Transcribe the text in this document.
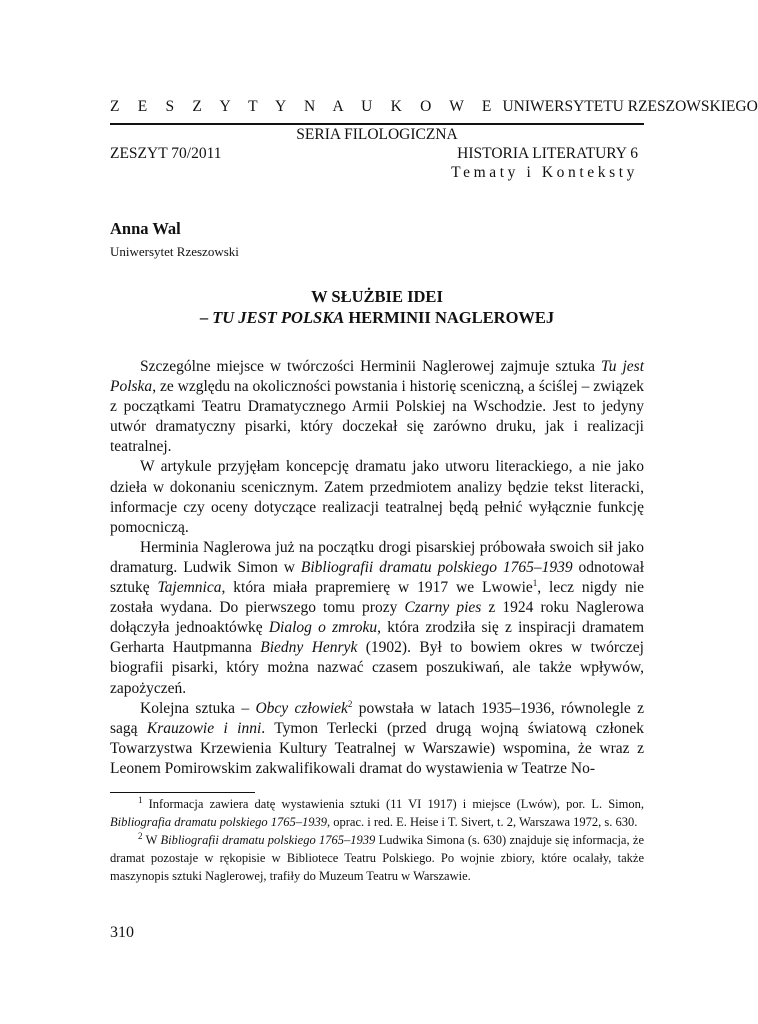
Z E S Z Y T Y N A U K O W E UNIWERSYTETU RZESZOWSKIEGO
SERIA FILOLOGICZNA
ZESZYT 70/2011	HISTORIA LITERATURY 6
Tematy i Konteksty
Anna Wal
Uniwersytet Rzeszowski
W SŁUŻBIE IDEI
– TU JEST POLSKA HERMINII NAGLEROWEJ

Szczególne miejsce w twórczości Herminii Naglerowej zajmuje sztuka Tu jest Polska, ze względu na okoliczności powstania i historię sceniczną, a ściślej – związek z początkami Teatru Dramatycznego Armii Polskiej na Wschodzie. Jest to jedyny utwór dramatyczny pisarki, który doczekał się zarówno druku, jak i realizacji teatralnej.

W artykule przyjęłam koncepcję dramatu jako utworu literackiego, a nie jako dzieła w dokonaniu scenicznym. Zatem przedmiotem analizy będzie tekst literacki, informacje czy oceny dotyczące realizacji teatralnej będą pełnić wyłącznie funkcję pomocniczą.

Herminia Naglerowa już na początku drogi pisarskiej próbowała swoich sił jako dramaturg. Ludwik Simon w Bibliografii dramatu polskiego 1765–1939 odnotował sztukę Tajemnica, która miała prapremierę w 1917 we Lwowie$^1$, lecz nigdy nie została wydana. Do pierwszego tomu prozy Czarny pies z 1924 roku Naglerowa dołączyła jednoaktówkę Dialog o zmroku, która zrodziła się z inspiracji dramatem Gerharta Hautpmanna Biedny Henryk (1902). Był to bowiem okres w twórczej biografii pisarki, który można nazwać czasem poszukiwań, ale także wpływów, zapożyczeń.

Kolejna sztuka – Obcy człowiek$^2$ powstała w latach 1935–1936, równolegle z sagą Krauzowie i inni. Tymon Terlecki (przed drugą wojną światową członek Towarzystwa Krzewienia Kultury Teatralnej w Warszawie) wspomina, że wraz z Leonem Pomirowskim zakwalifikowali dramat do wystawienia w Teatrze No-

$^1$ Informacja zawiera datę wystawienia sztuki (11 VI 1917) i miejsce (Lwów), por. L. Simon, Bibliografia dramatu polskiego 1765–1939, oprac. i red. E. Heise i T. Sivert, t. 2, Warszawa 1972, s. 630.

$^2$ W Bibliografii dramatu polskiego 1765–1939 Ludwika Simona (s. 630) znajduje się informacja, że dramat pozostaje w rękopisie w Bibliotece Teatru Polskiego. Po wojnie zbiory, które ocalały, także maszynopis sztuki Naglerowej, trafiły do Muzeum Teatru w Warszawie.

310
